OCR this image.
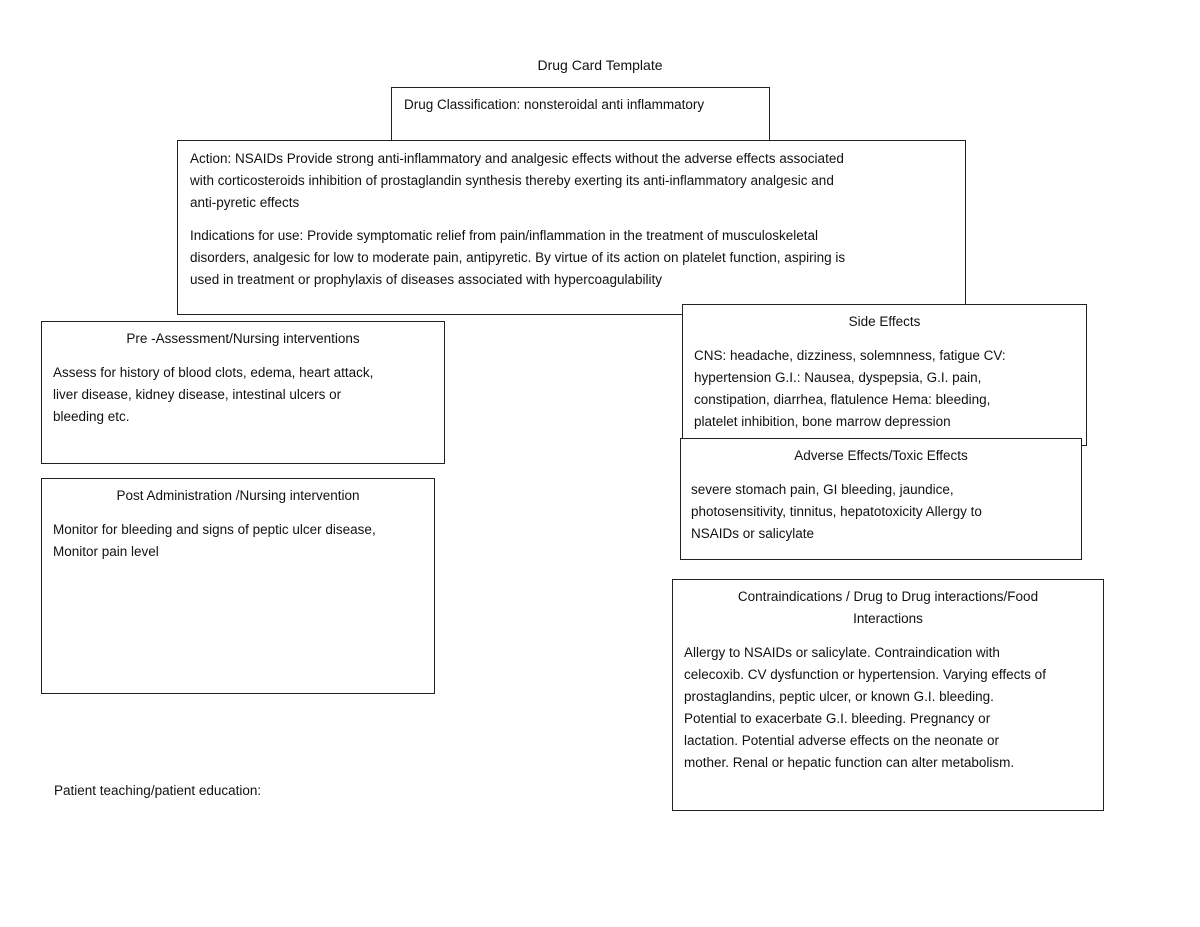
Drug Card Template

Drug Classification: nonsteroidal anti inflammatory

Action: NSAIDs Provide strong anti-inflammatory and analgesic effects without the adverse effects associated

with corticosteroids inhibition of prostaglandin synthesis thereby exerting its anti-inflammatory analgesic and

anti-pyretic effects

Indications for use: Provide symptomatic relief from pain/inflammation in the treatment of musculoskeletal

disorders, analgesic for low to moderate pain, antipyretic. By virtue of its action on platelet function, aspiring is

used in treatment or prophylaxis of diseases associated with hypercoagulability

Pre -Assessment/Nursing interventions

Assess for history of blood clots, edema, heart attack,

liver disease, kidney disease, intestinal ulcers or

bleeding etc.

Post Administration /Nursing intervention

Monitor for bleeding and signs of peptic ulcer disease,

Monitor pain level

Side Effects

CNS: headache, dizziness, solemnness, fatigue CV:

hypertension G.I.: Nausea, dyspepsia, G.I. pain,

constipation, diarrhea, flatulence Hema: bleeding,

platelet inhibition, bone marrow depression

Adverse Effects/Toxic Effects

severe stomach pain, GI bleeding, jaundice,

photosensitivity, tinnitus, hepatotoxicity Allergy to

NSAIDs or salicylate

Contraindications / Drug to Drug interactions/Food

Interactions

Allergy to NSAIDs or salicylate. Contraindication with

celecoxib. CV dysfunction or hypertension. Varying effects of

prostaglandins, peptic ulcer, or known G.I. bleeding.

Potential to exacerbate G.I. bleeding. Pregnancy or

lactation. Potential adverse effects on the neonate or

mother. Renal or hepatic function can alter metabolism.

Patient teaching/patient education:
